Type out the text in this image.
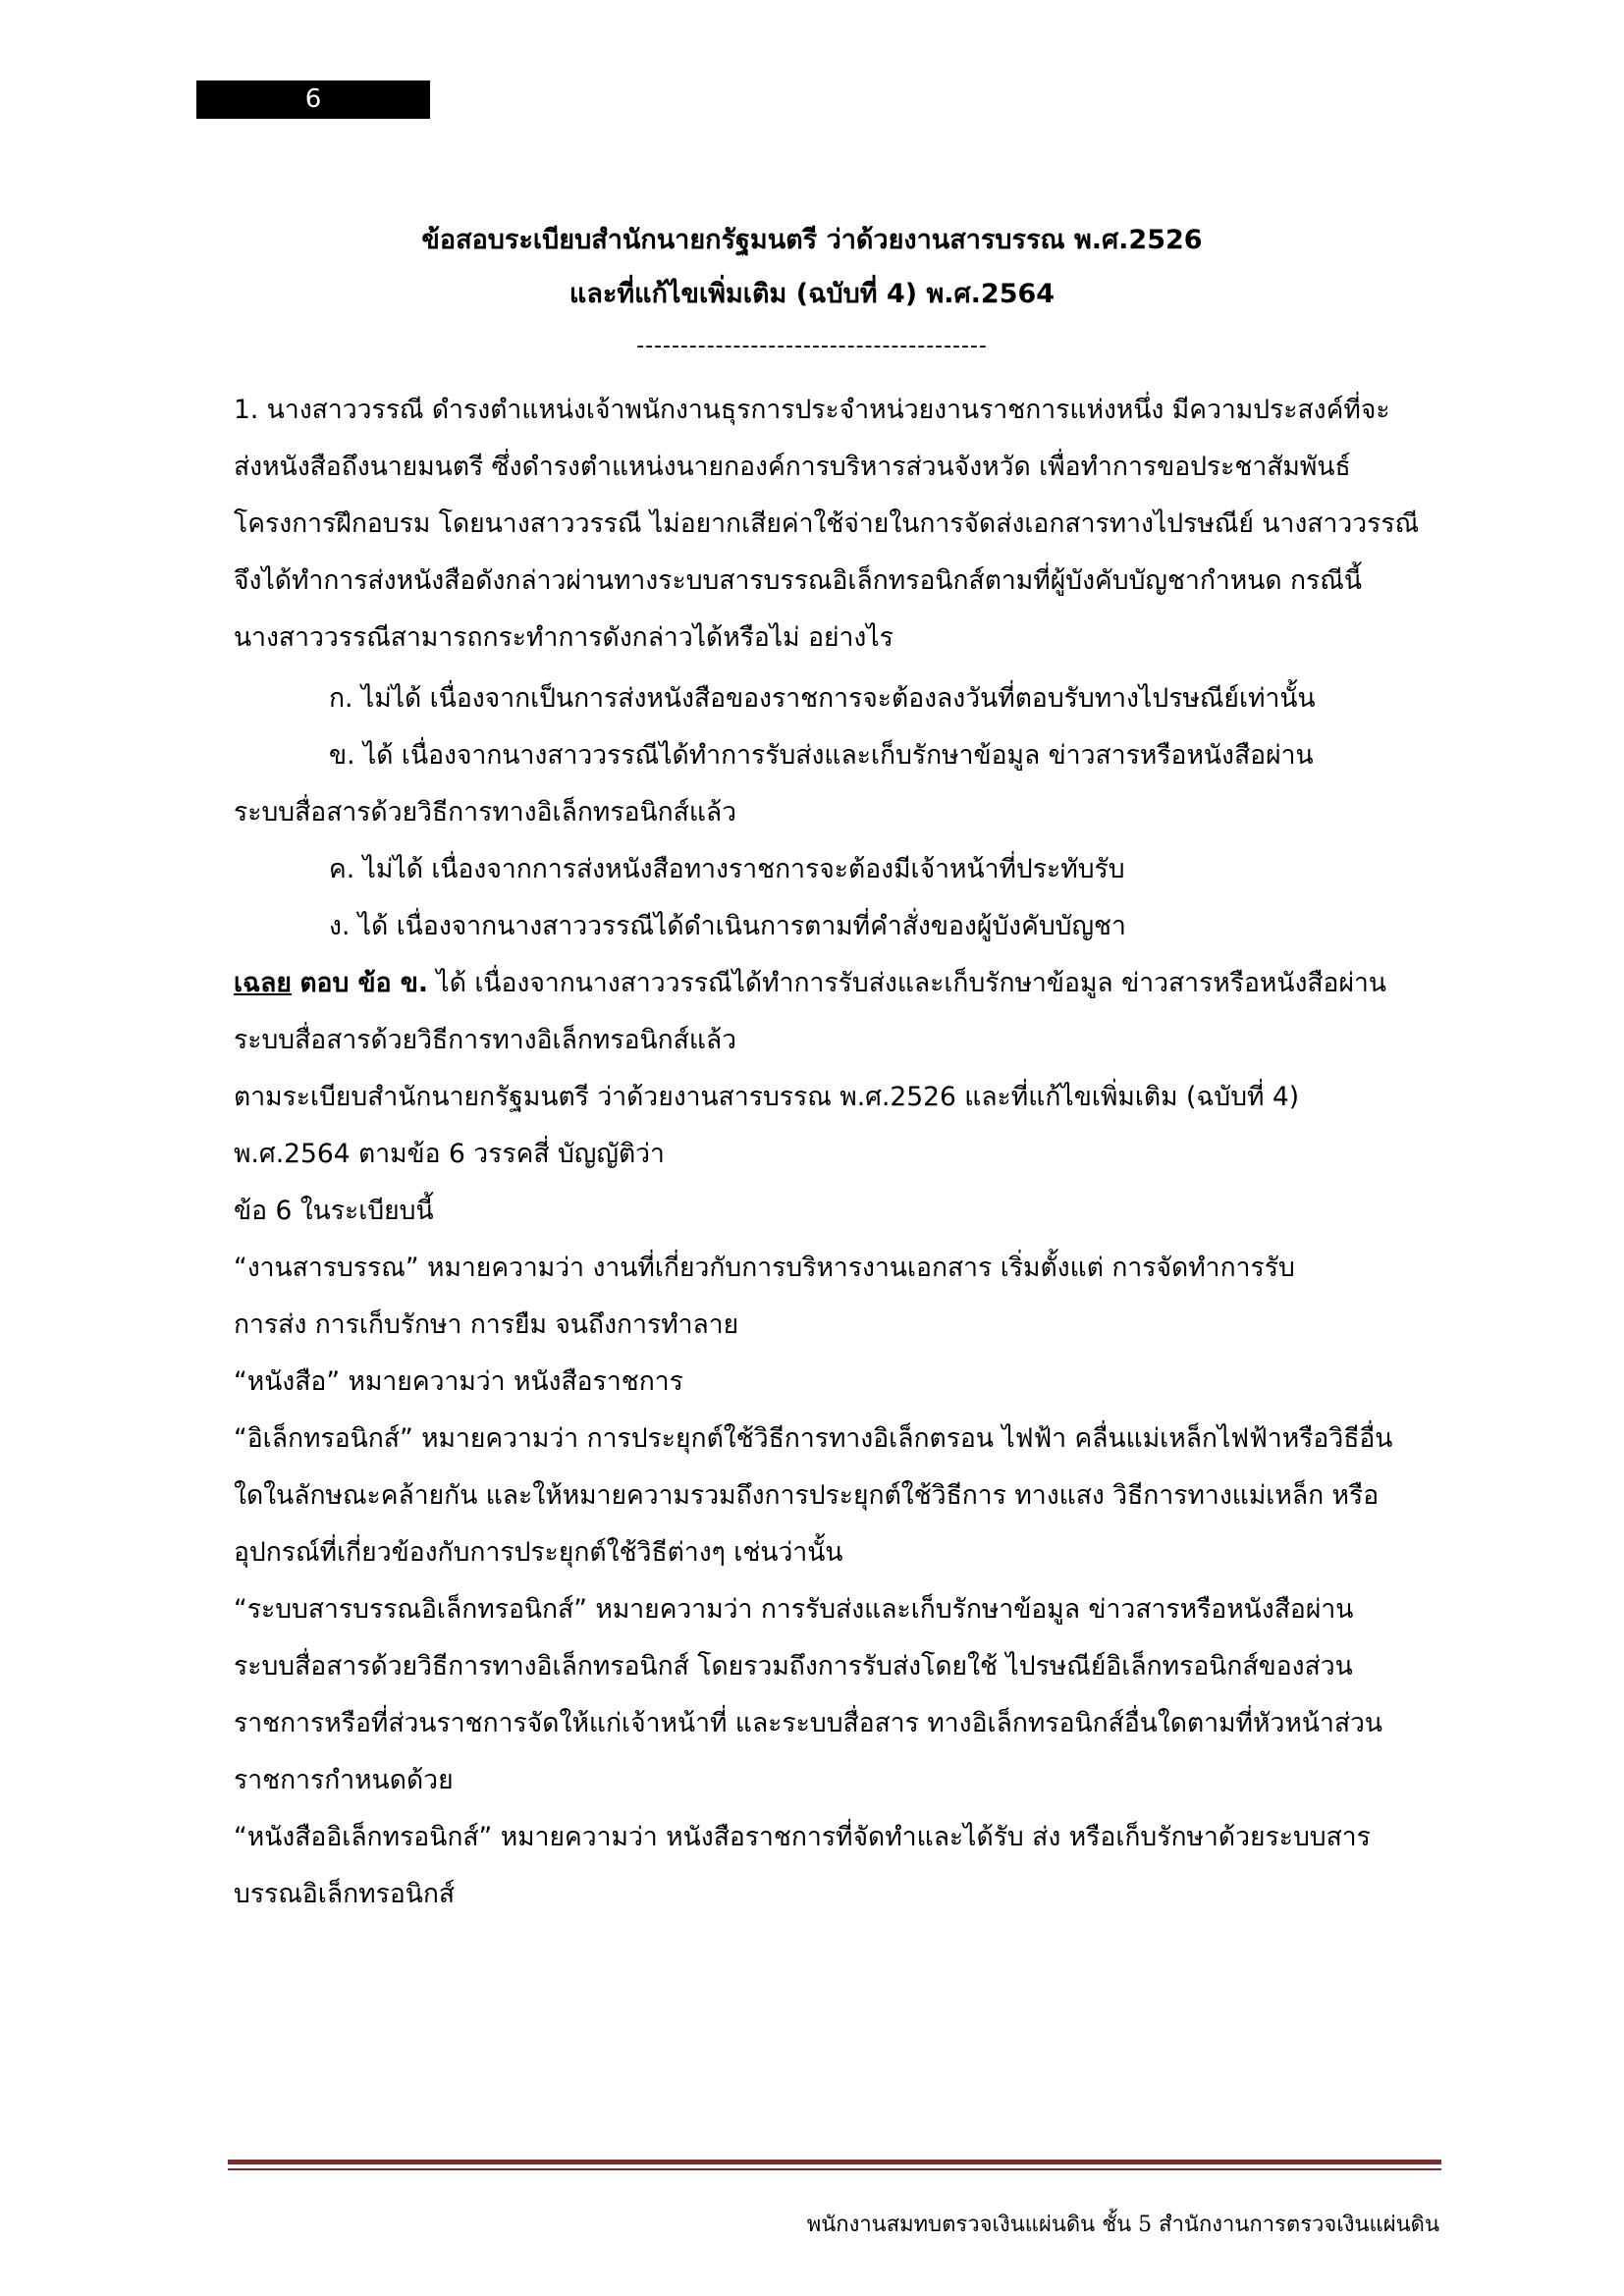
6
ข้อสอบระเบียบสำนักนายกรัฐมนตรี ว่าด้วยงานสารบรรณ พ.ศ.2526
และที่แก้ไขเพิ่มเติม (ฉบับที่ 4) พ.ศ.2564
----------------------------------------
1. นางสาววรรณี ดำรงตำแหน่งเจ้าพนักงานธุรการประจำหน่วยงานราชการแห่งหนึ่ง มีความประสงค์ที่จะ
ส่งหนังสือถึงนายมนตรี ซึ่งดำรงตำแหน่งนายกองค์การบริหารส่วนจังหวัด เพื่อทำการขอประชาสัมพันธ์
โครงการฝึกอบรม โดยนางสาววรรณี ไม่อยากเสียค่าใช้จ่ายในการจัดส่งเอกสารทางไปรษณีย์ นางสาววรรณี
จึงได้ทำการส่งหนังสือดังกล่าวผ่านทางระบบสารบรรณอิเล็กทรอนิกส์ตามที่ผู้บังคับบัญชากำหนด กรณีนี้
นางสาววรรณีสามารถกระทำการดังกล่าวได้หรือไม่ อย่างไร
ก. ไม่ได้ เนื่องจากเป็นการส่งหนังสือของราชการจะต้องลงวันที่ตอบรับทางไปรษณีย์เท่านั้น
ข. ได้ เนื่องจากนางสาววรรณีได้ทำการรับส่งและเก็บรักษาข้อมูล ข่าวสารหรือหนังสือผ่าน
ระบบสื่อสารด้วยวิธีการทางอิเล็กทรอนิกส์แล้ว
ค. ไม่ได้ เนื่องจากการส่งหนังสือทางราชการจะต้องมีเจ้าหน้าที่ประทับรับ
ง. ได้ เนื่องจากนางสาววรรณีได้ดำเนินการตามที่คำสั่งของผู้บังคับบัญชา
เฉลย ตอบ ข้อ ข. ได้ เนื่องจากนางสาววรรณีได้ทำการรับส่งและเก็บรักษาข้อมูล ข่าวสารหรือหนังสือผ่าน
ระบบสื่อสารด้วยวิธีการทางอิเล็กทรอนิกส์แล้ว
ตามระเบียบสำนักนายกรัฐมนตรี ว่าด้วยงานสารบรรณ พ.ศ.2526 และที่แก้ไขเพิ่มเติม (ฉบับที่ 4)
พ.ศ.2564 ตามข้อ 6 วรรคสี่ บัญญัติว่า
ข้อ 6 ในระเบียบนี้
“งานสารบรรณ” หมายความว่า งานที่เกี่ยวกับการบริหารงานเอกสาร เริ่มตั้งแต่ การจัดทำการรับ
การส่ง การเก็บรักษา การยืม จนถึงการทำลาย
“หนังสือ” หมายความว่า หนังสือราชการ
“อิเล็กทรอนิกส์” หมายความว่า การประยุกต์ใช้วิธีการทางอิเล็กตรอน ไฟฟ้า คลื่นแม่เหล็กไฟฟ้าหรือวิธีอื่น
ใดในลักษณะคล้ายกัน และให้หมายความรวมถึงการประยุกต์ใช้วิธีการ ทางแสง วิธีการทางแม่เหล็ก หรือ
อุปกรณ์ที่เกี่ยวข้องกับการประยุกต์ใช้วิธีต่างๆ เช่นว่านั้น
“ระบบสารบรรณอิเล็กทรอนิกส์” หมายความว่า การรับส่งและเก็บรักษาข้อมูล ข่าวสารหรือหนังสือผ่าน
ระบบสื่อสารด้วยวิธีการทางอิเล็กทรอนิกส์ โดยรวมถึงการรับส่งโดยใช้ ไปรษณีย์อิเล็กทรอนิกส์ของส่วน
ราชการหรือที่ส่วนราชการจัดให้แก่เจ้าหน้าที่ และระบบสื่อสาร ทางอิเล็กทรอนิกส์อื่นใดตามที่หัวหน้าส่วน
ราชการกำหนดด้วย
“หนังสืออิเล็กทรอนิกส์” หมายความว่า หนังสือราชการที่จัดทำและได้รับ ส่ง หรือเก็บรักษาด้วยระบบสาร
บรรณอิเล็กทรอนิกส์
พนักงานสมทบตรวจเงินแผ่นดิน ชั้น 5 สำนักงานการตรวจเงินแผ่นดิน
